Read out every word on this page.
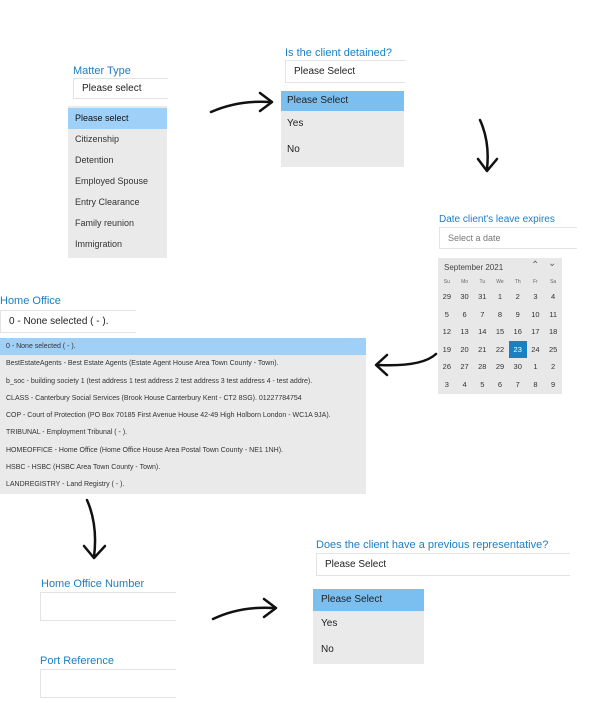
Matter Type
Please select
Please select
Citizenship
Detention
Employed Spouse
Entry Clearance
Family reunion
Immigration
Is the client detained?
Please Select
Please Select
Yes
No
Date client's leave expires
Select a date
September 2021	⌃ ⌄
Su	Mo	Tu	We	Th	Fr	Sa
29	30	31	1	2	3	4
5	6	7	8	9	10	11
12	13	14	15	16	17	18
19	20	21	22	23	24	25
26	27	28	29	30	1	2
3	4	5	6	7	8	9
Home Office
0 - None selected ( - ).
0 - None selected ( - ).
BestEstateAgents - Best Estate Agents (Estate Agent House Area Town County - Town).
b_soc - building society 1 (test address 1 test address 2 test address 3 test address 4 - test addre).
CLASS - Canterbury Social Services (Brook House Canterbury Kent - CT2 8SG). 01227784754
COP - Court of Protection (PO Box 70185 First Avenue House 42-49 High Holborn London - WC1A 9JA).
TRIBUNAL - Employment Tribunal ( - ).
HOMEOFFICE - Home Office (Home Office House Area Postal Town County - NE1 1NH).
HSBC - HSBC (HSBC Area Town County - Town).
LANDREGISTRY - Land Registry ( - ).
Does the client have a previous representative?
Please Select
Please Select
Yes
No
Home Office Number
Port Reference
